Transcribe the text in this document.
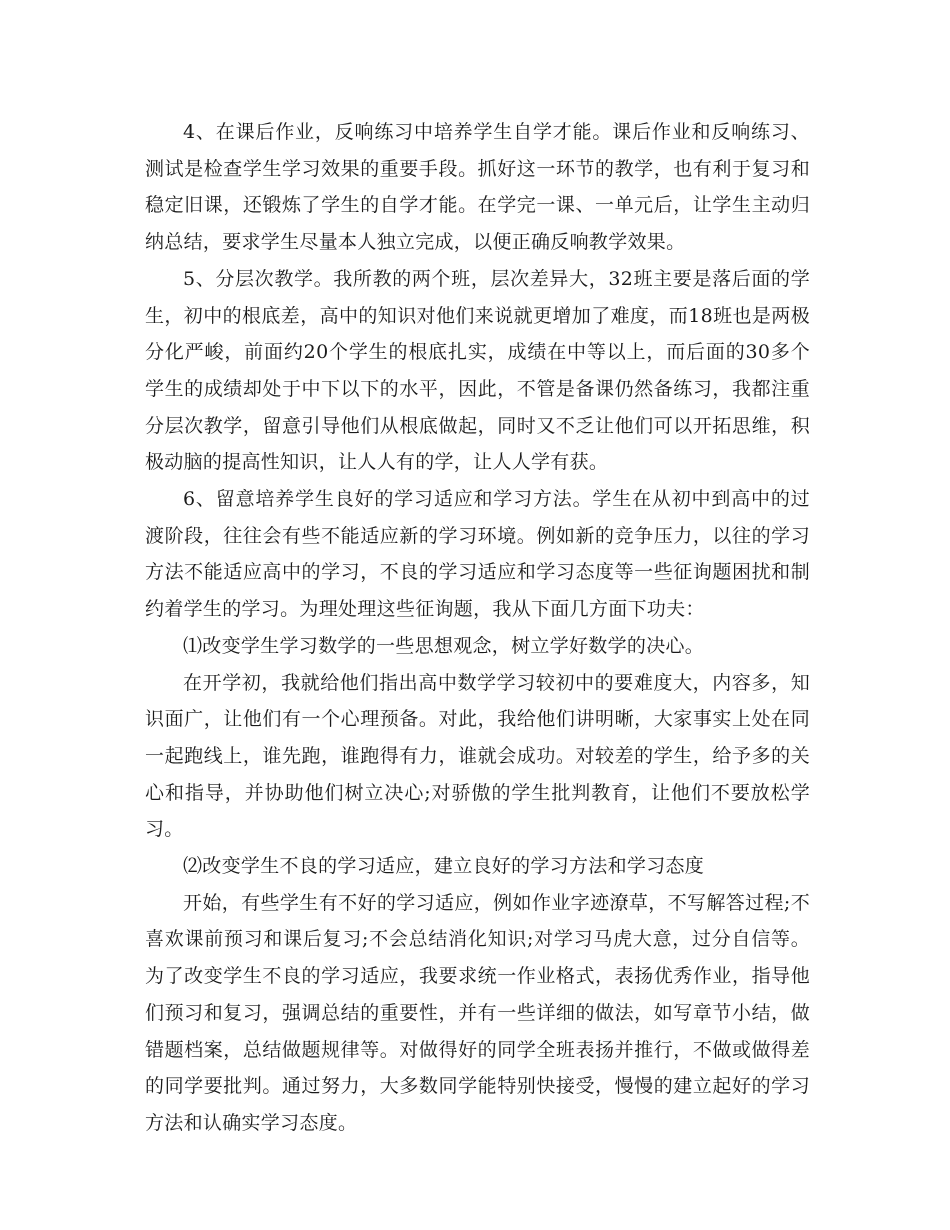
4、在课后作业，反响练习中培养学生自学才能。课后作业和反响练习、测试是检查学生学习效果的重要手段。抓好这一环节的教学，也有利于复习和稳定旧课，还锻炼了学生的自学才能。在学完一课、一单元后，让学生主动归纳总结，要求学生尽量本人独立完成，以便正确反响教学效果。

5、分层次教学。我所教的两个班，层次差异大，32班主要是落后面的学生，初中的根底差，高中的知识对他们来说就更增加了难度，而18班也是两极分化严峻，前面约20个学生的根底扎实，成绩在中等以上，而后面的30多个学生的成绩却处于中下以下的水平，因此，不管是备课仍然备练习，我都注重分层次教学，留意引导他们从根底做起，同时又不乏让他们可以开拓思维，积极动脑的提高性知识，让人人有的学，让人人学有获。

6、留意培养学生良好的学习适应和学习方法。学生在从初中到高中的过渡阶段，往往会有些不能适应新的学习环境。例如新的竞争压力，以往的学习方法不能适应高中的学习，不良的学习适应和学习态度等一些征询题困扰和制约着学生的学习。为理处理这些征询题，我从下面几方面下功夫：

⑴改变学生学习数学的一些思想观念，树立学好数学的决心。

在开学初，我就给他们指出高中数学学习较初中的要难度大，内容多，知识面广，让他们有一个心理预备。对此，我给他们讲明晰，大家事实上处在同一起跑线上，谁先跑，谁跑得有力，谁就会成功。对较差的学生，给予多的关心和指导，并协助他们树立决心;对骄傲的学生批判教育，让他们不要放松学习。

⑵改变学生不良的学习适应，建立良好的学习方法和学习态度

开始，有些学生有不好的学习适应，例如作业字迹潦草，不写解答过程;不喜欢课前预习和课后复习;不会总结消化知识;对学习马虎大意，过分自信等。为了改变学生不良的学习适应，我要求统一作业格式，表扬优秀作业，指导他们预习和复习，强调总结的重要性，并有一些详细的做法，如写章节小结，做错题档案，总结做题规律等。对做得好的同学全班表扬并推行，不做或做得差的同学要批判。通过努力，大多数同学能特别快接受，慢慢的建立起好的学习方法和认确实学习态度。
